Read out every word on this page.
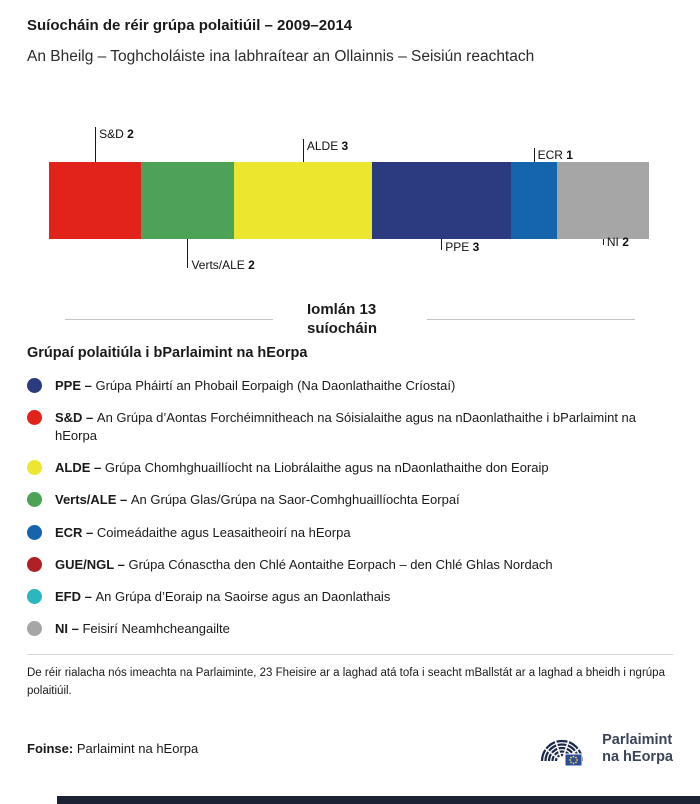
Suíocháin de réir grúpa polaitiúil – 2009–2014
An Bheilg – Toghcholáiste ina labhraítear an Ollainnis – Seisiún reachtach
S&D 2
Verts/ALE 2
ALDE 3
PPE 3
ECR 1
NI 2
Iomlán 13 suíocháin
Grúpaí polaitiúla i bParlaimint na hEorpa
PPE – Grúpa Pháirtí an Phobail Eorpaigh (Na Daonlathaithe Críostaí)
S&D – An Grúpa d’Aontas Forchéimnitheach na Sóisialaithe agus na nDaonlathaithe i bParlaimint na hEorpa
ALDE – Grúpa Chomhghuaillíocht na Liobrálaithe agus na nDaonlathaithe don Eoraip
Verts/ALE – An Grúpa Glas/Grúpa na Saor-Comhghuaillíochta Eorpaí
ECR – Coimeádaithe agus Leasaitheoirí na hEorpa
GUE/NGL – Grúpa Cónasctha den Chlé Aontaithe Eorpach – den Chlé Ghlas Nordach
EFD – An Grúpa d’Eoraip na Saoirse agus an Daonlathais
NI – Feisirí Neamhcheangailte
De réir rialacha nós imeachta na Parlaiminte, 23 Fheisire ar a laghad atá tofa i seacht mBallstát ar a laghad a bheidh i ngrúpa polaitiúil.
Foinse: Parlaimint na hEorpa
Parlaimint
na hEorpa
